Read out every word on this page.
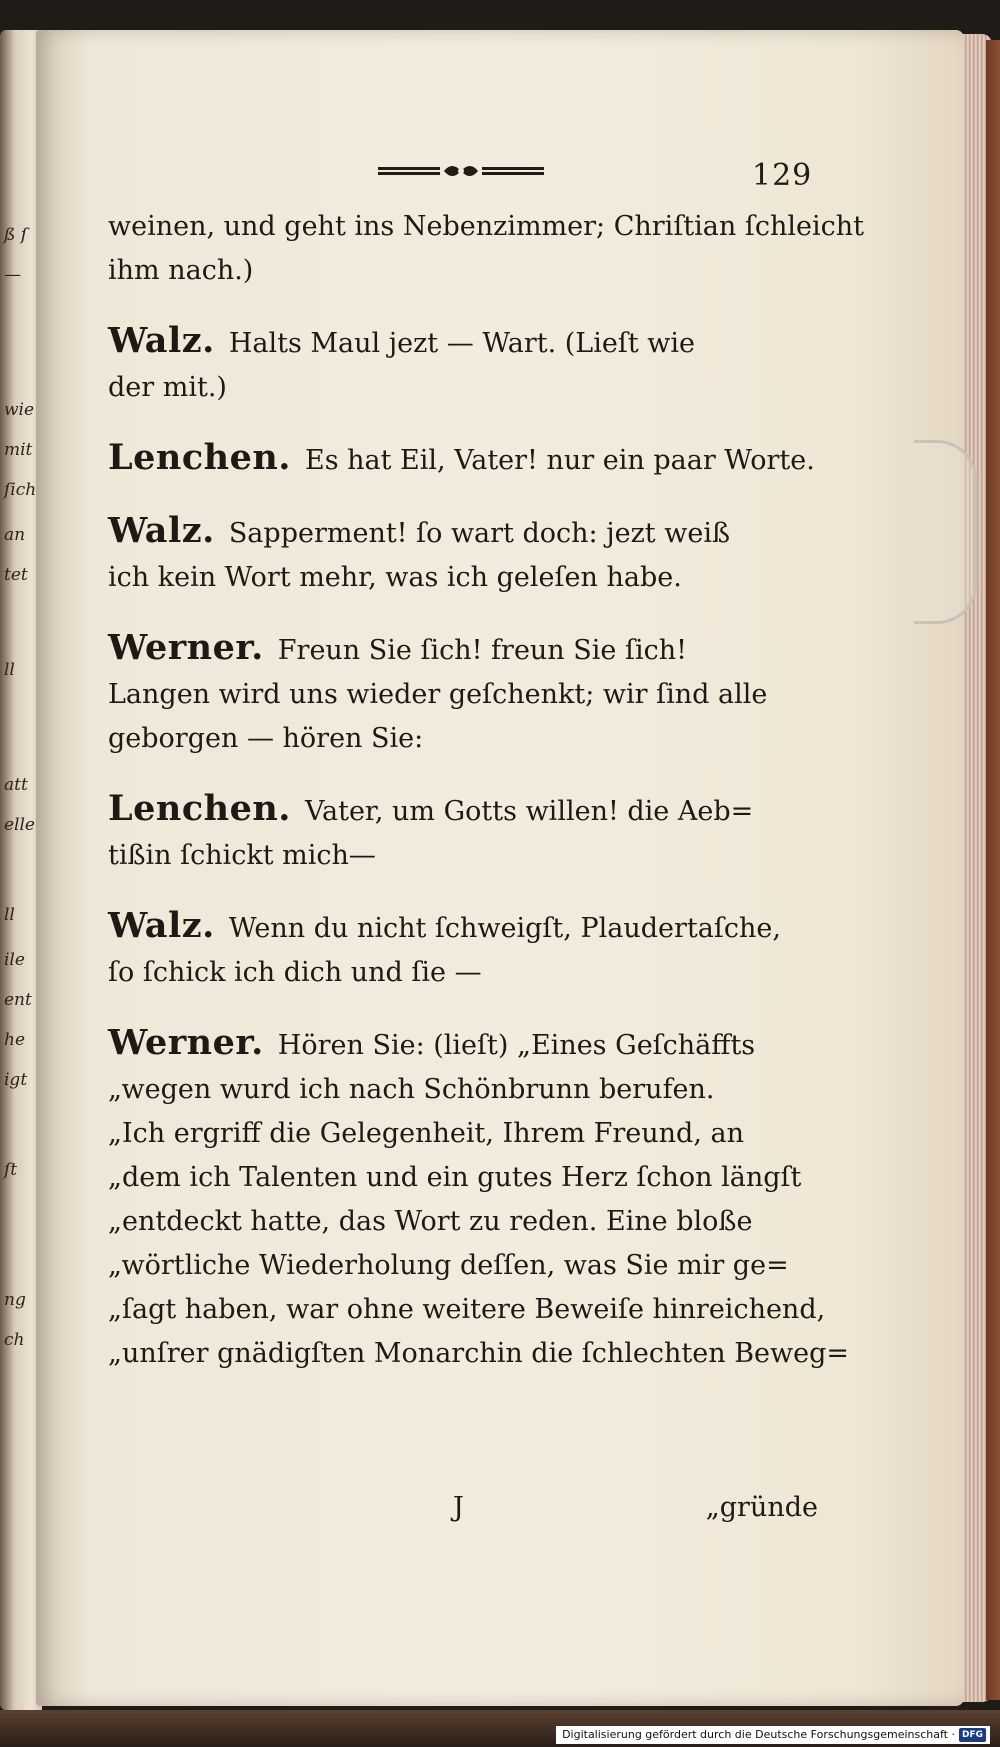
ß ſ
—
wie
mit
ſich
an
tet
ll
att
elle
ll
ile
ent
he
igt
ſt
ng
ch
129
weinen, und geht ins Nebenzimmer; Chriſtian ſchleicht
ihm nach.)
Walz. Halts Maul jezt — Wart. (Lieſt wie
der mit.)
Lenchen. Es hat Eil, Vater! nur ein paar Worte.
Walz. Sapperment! ſo wart doch: jezt weiß
ich kein Wort mehr, was ich geleſen habe.
Werner. Freun Sie ſich! freun Sie ſich!
Langen wird uns wieder geſchenkt; wir ſind alle
geborgen — hören Sie:
Lenchen. Vater, um Gotts willen! die Aeb=
tißin ſchickt mich—
Walz. Wenn du nicht ſchweigſt, Plaudertaſche,
ſo ſchick ich dich und ſie —
Werner. Hören Sie: (lieſt) „Eines Geſchäffts
„wegen wurd ich nach Schönbrunn berufen.
„Ich ergriff die Gelegenheit, Ihrem Freund, an
„dem ich Talenten und ein gutes Herz ſchon längſt
„entdeckt hatte, das Wort zu reden. Eine bloße
„wörtliche Wiederholung deſſen, was Sie mir ge=
„ſagt haben, war ohne weitere Beweiſe hinreichend,
„unſrer gnädigſten Monarchin die ſchlechten Beweg=
J	„gründe
Digitalisierung gefördert durch die Deutsche Forschungsgemeinschaft · DFG
